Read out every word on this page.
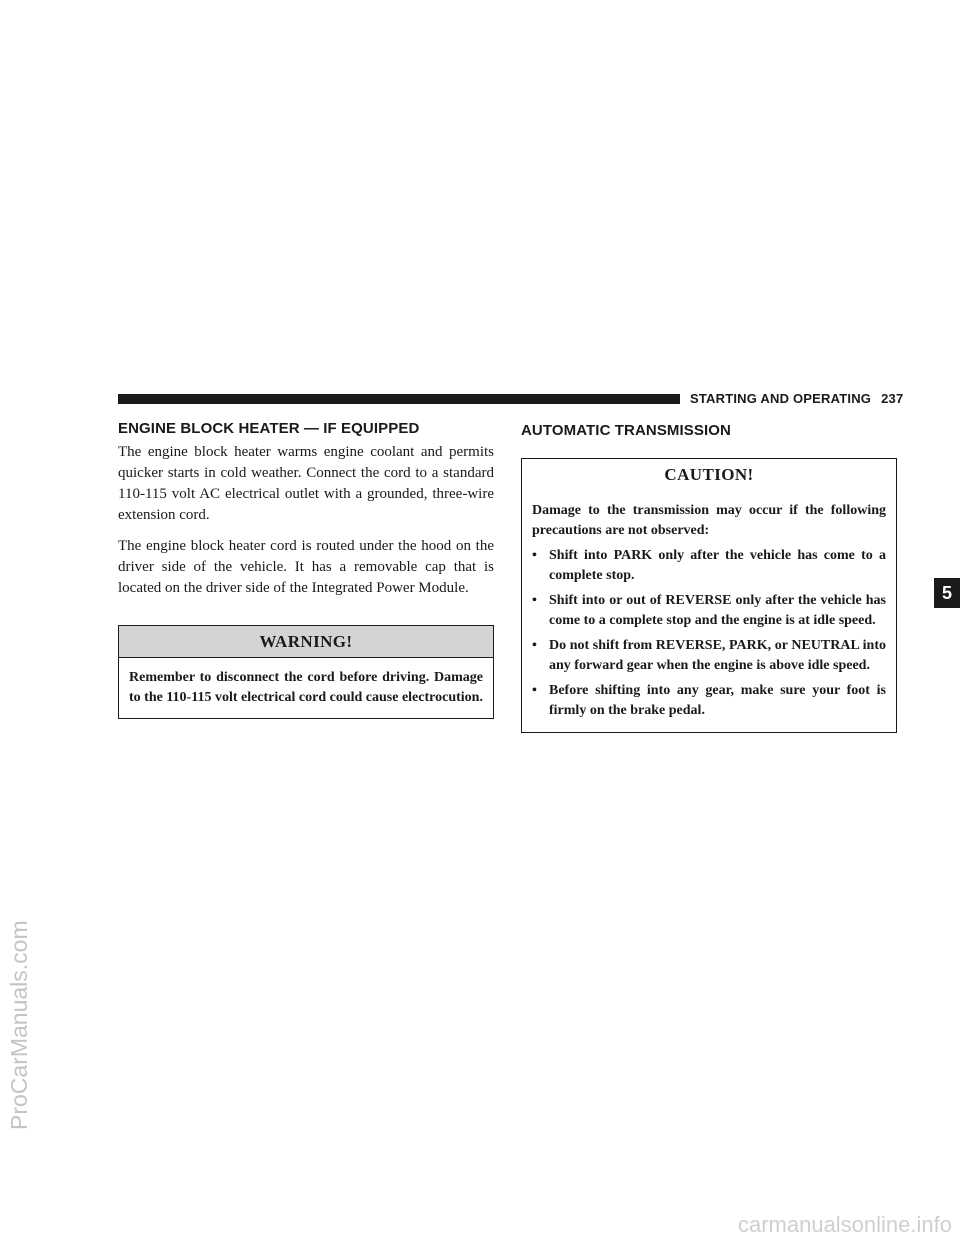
STARTING AND OPERATING 237
5
ENGINE BLOCK HEATER — IF EQUIPPED

The engine block heater warms engine coolant and permits quicker starts in cold weather. Connect the cord to a standard 110-115 volt AC electrical outlet with a grounded, three-wire extension cord.

The engine block heater cord is routed under the hood on the driver side of the vehicle. It has a removable cap that is located on the driver side of the Integrated Power Module.

WARNING!

Remember to disconnect the cord before driving. Damage to the 110-115 volt electrical cord could cause electrocution.

AUTOMATIC TRANSMISSION
CAUTION!

Damage to the transmission may occur if the following precautions are not observed:

• Shift into PARK only after the vehicle has come to a complete stop.
• Shift into or out of REVERSE only after the vehicle has come to a complete stop and the engine is at idle speed.
• Do not shift from REVERSE, PARK, or NEUTRAL into any forward gear when the engine is above idle speed.
• Before shifting into any gear, make sure your foot is firmly on the brake pedal.
ProCarManuals.com
carmanualsonline.info
